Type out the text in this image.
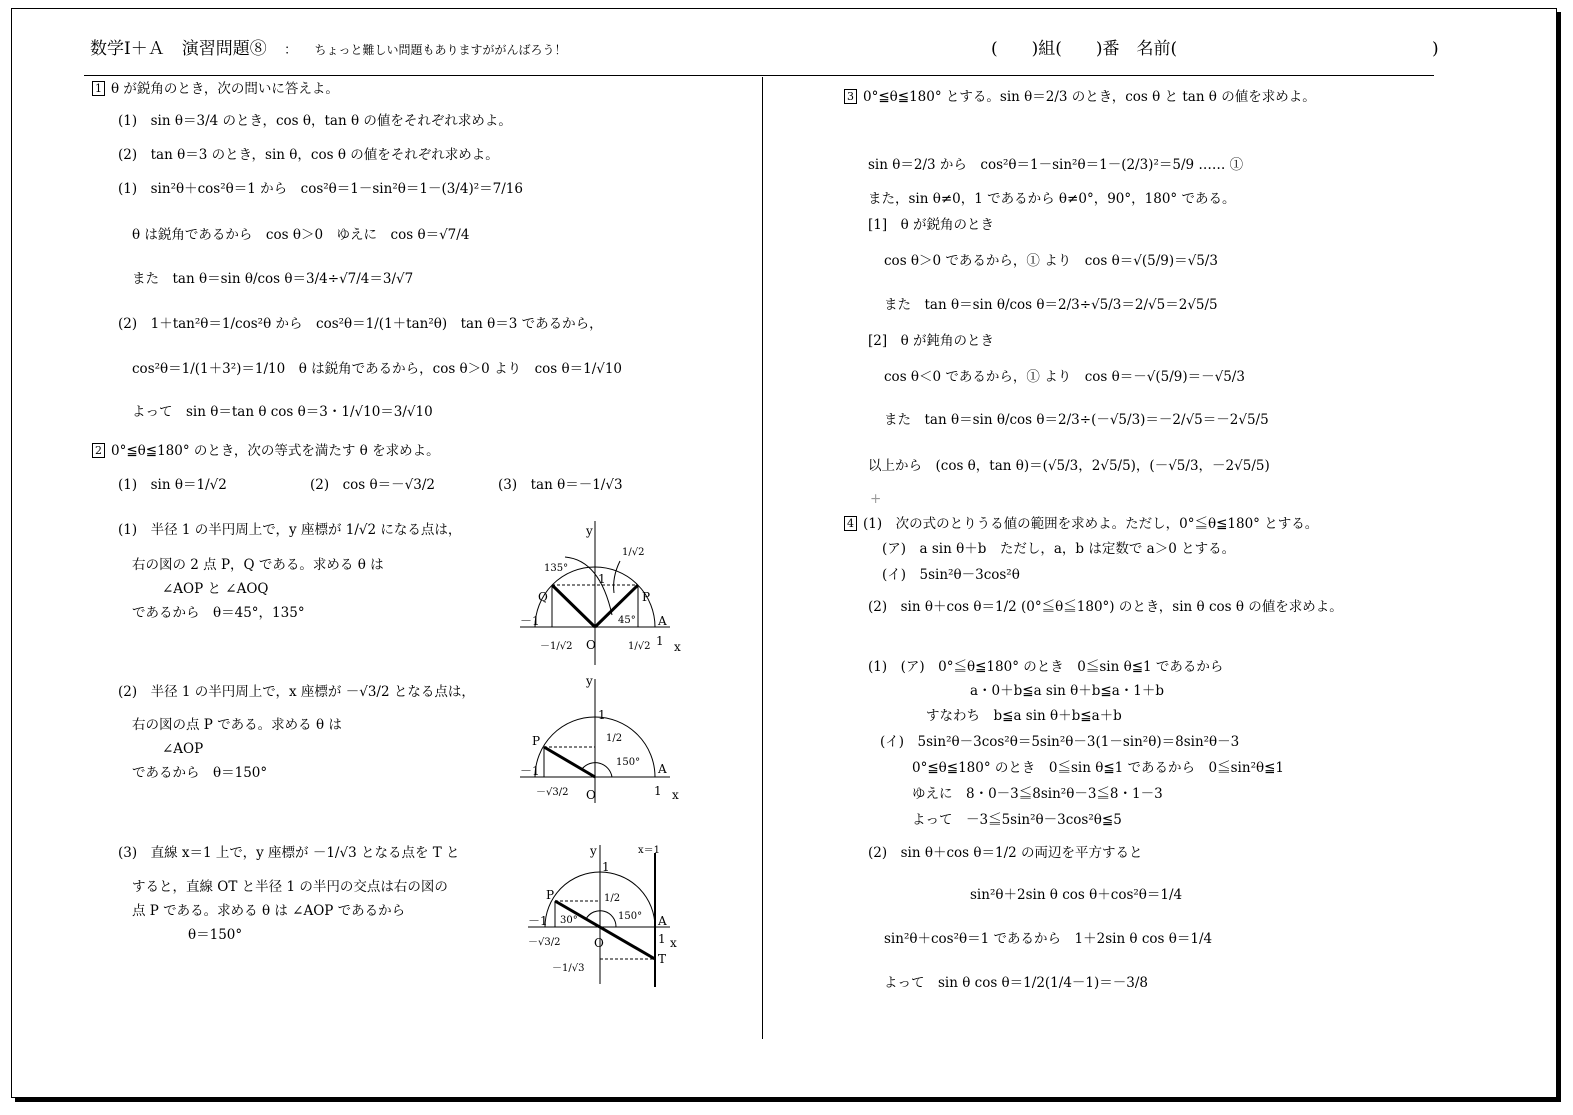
数学Ⅰ＋Ａ　演習問題⑧ ： ちょっと難しい問題もありますががんばろう！	(　　)組(　　)番　名前(	)
1 θ が鋭角のとき，次の問いに答えよ。
(1)　sin θ＝3/4 のとき，cos θ，tan θ の値をそれぞれ求めよ。
(2)　tan θ＝3 のとき，sin θ，cos θ の値をそれぞれ求めよ。
(1)　sin²θ＋cos²θ＝1 から　cos²θ＝1－sin²θ＝1－(3/4)²＝7/16
θ は鋭角であるから　cos θ＞0　ゆえに　cos θ＝√7/4
また　tan θ＝sin θ/cos θ＝3/4÷√7/4＝3/√7
(2)　1＋tan²θ＝1/cos²θ から　cos²θ＝1/(1＋tan²θ)　tan θ＝3 であるから，
cos²θ＝1/(1＋3²)＝1/10　θ は鋭角であるから，cos θ＞0 より　cos θ＝1/√10
よって　sin θ＝tan θ cos θ＝3・1/√10＝3/√10
2 0°≦θ≦180° のとき，次の等式を満たす θ を求めよ。
(1)　sin θ＝1/√2	(2)　cos θ＝－√3/2	(3)　tan θ＝－1/√3
(1)　半径 1 の半円周上で，y 座標が 1/√2 になる点は，
右の図の 2 点 P，Q である。求める θ は
∠AOP と ∠AOQ
であるから　θ＝45°，135°
(2)　半径 1 の半円周上で，x 座標が －√3/2 となる点は，
右の図の点 P である。求める θ は
∠AOP
であるから　θ＝150°
(3)　直線 x＝1 上で，y 座標が －1/√3 となる点を T と
すると，直線 OT と半径 1 の半円の交点は右の図の
点 P である。求める θ は ∠AOP であるから
θ＝150°
y
x
O
A
P
Q
1
－1
1
135°
45°
1/√2
－1/√2	1/√2
y
x
O
A
P
1
－1
1
150°
1/2
－√3/2
y
x
O
A
P
T
1
－1
1
x＝1
150°
30°
1/2
－√3/2
－1/√3
3 0°≦θ≦180° とする。sin θ＝2/3 のとき，cos θ と tan θ の値を求めよ。
sin θ＝2/3 から　cos²θ＝1－sin²θ＝1－(2/3)²＝5/9 …… ①
また，sin θ≠0，1 であるから θ≠0°，90°，180° である。
[1]　θ が鋭角のとき
cos θ＞0 であるから，① より　cos θ＝√(5/9)＝√5/3
また　tan θ＝sin θ/cos θ＝2/3÷√5/3＝2/√5＝2√5/5
[2]　θ が鈍角のとき
cos θ＜0 であるから，① より　cos θ＝－√(5/9)＝－√5/3
また　tan θ＝sin θ/cos θ＝2/3÷(－√5/3)＝－2/√5＝－2√5/5
以上から　(cos θ，tan θ)＝(√5/3，2√5/5)，(－√5/3，－2√5/5)
+
4 (1)　次の式のとりうる値の範囲を求めよ。ただし，0°≦θ≦180° とする。
(ア)　a sin θ＋b　ただし，a，b は定数で a＞0 とする。
(イ)　5sin²θ－3cos²θ
(2)　sin θ＋cos θ＝1/2 (0°≦θ≦180°) のとき，sin θ cos θ の値を求めよ。
(1)　(ア)　0°≦θ≦180° のとき　0≦sin θ≦1 であるから
a・0＋b≦a sin θ＋b≦a・1＋b
すなわち　b≦a sin θ＋b≦a＋b
(イ)　5sin²θ－3cos²θ＝5sin²θ－3(1－sin²θ)＝8sin²θ－3
0°≦θ≦180° のとき　0≦sin θ≦1 であるから　0≦sin²θ≦1
ゆえに　8・0－3≦8sin²θ－3≦8・1－3
よって　－3≦5sin²θ－3cos²θ≦5
(2)　sin θ＋cos θ＝1/2 の両辺を平方すると
sin²θ＋2sin θ cos θ＋cos²θ＝1/4
sin²θ＋cos²θ＝1 であるから　1＋2sin θ cos θ＝1/4
よって　sin θ cos θ＝1/2(1/4－1)＝－3/8
